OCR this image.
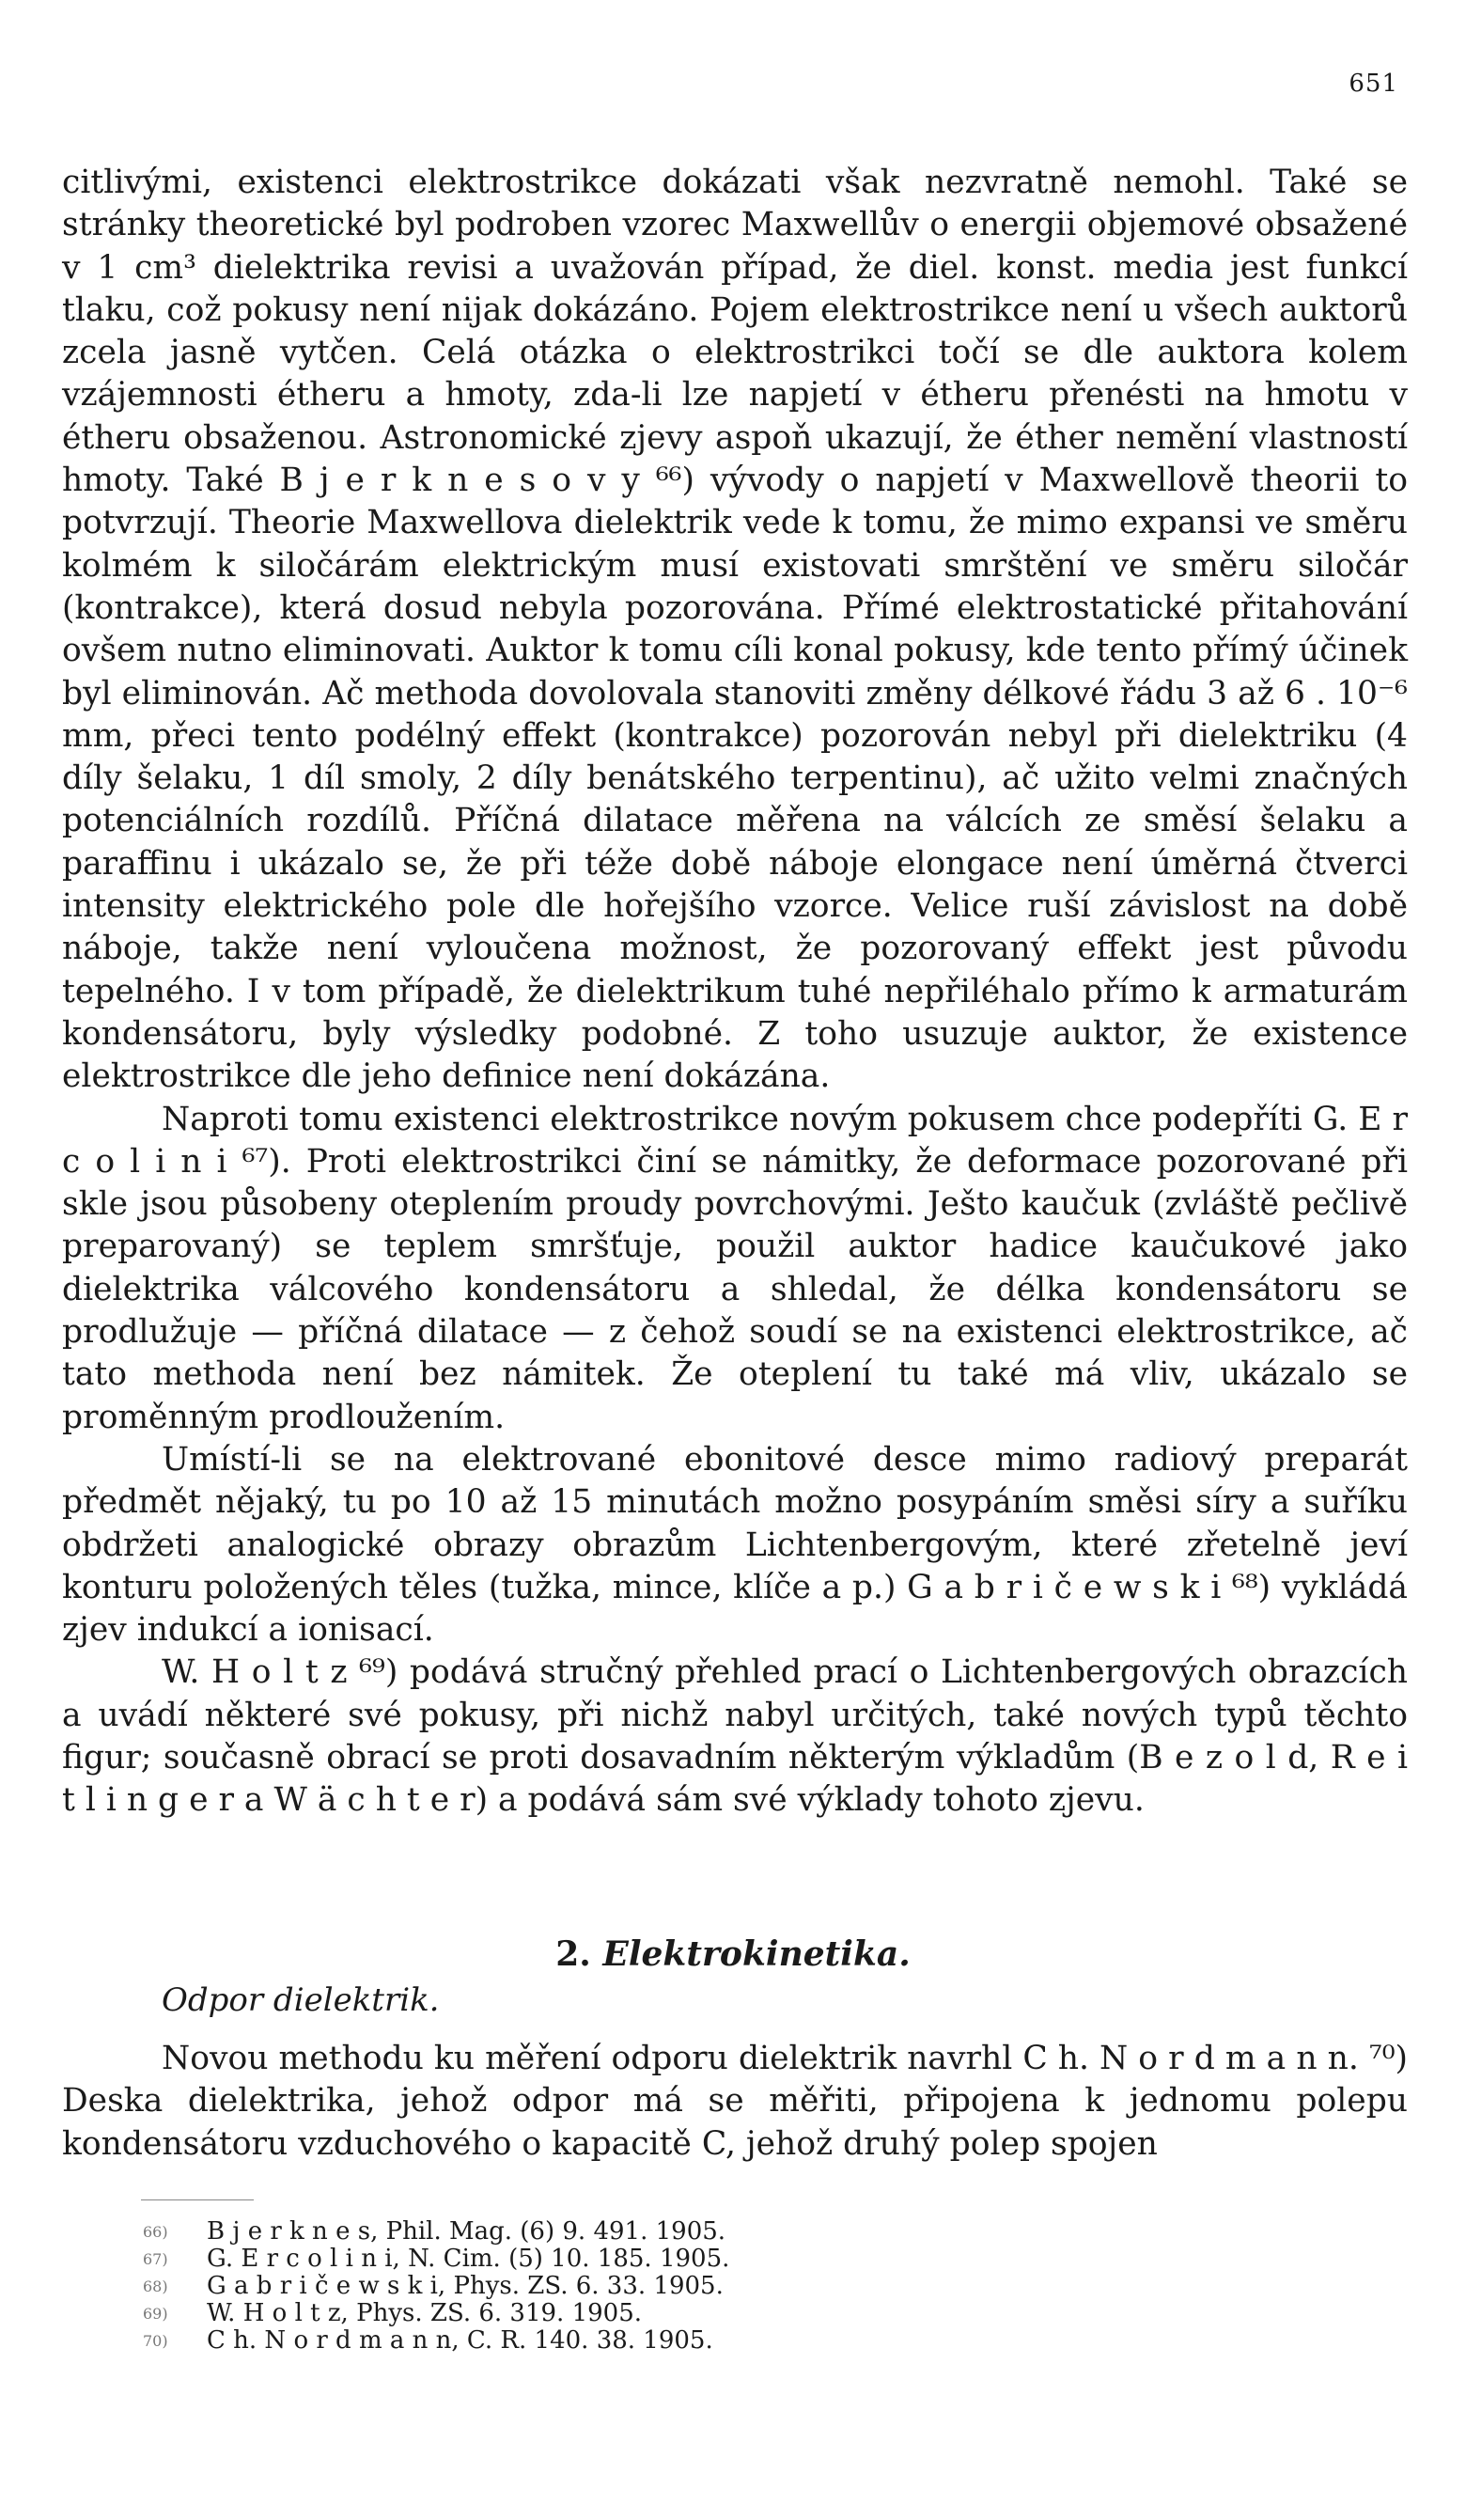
651

citlivými, existenci elektrostrikce dokázati však nezvratně nemohl. Také se stránky theoretické byl podroben vzorec Maxwellův o energii objemové obsažené v 1 cm³ dielektrika revisi a uvažován případ, že diel. konst. media jest funkcí tlaku, což pokusy není nijak dokázáno. Pojem elektrostrikce není u všech auktorů zcela jasně vytčen. Celá otázka o elektrostrikci točí se dle auktora kolem vzájemnosti étheru a hmoty, zda-li lze napjetí v étheru přenésti na hmotu v étheru obsaženou. Astronomické zjevy aspoň ukazují, že éther nemění vlastností hmoty. Také B j e r k n e s o v y ⁶⁶) vývody o napjetí v Maxwellově theorii to potvrzují. Theorie Maxwellova dielektrik vede k tomu, že mimo expansi ve směru kolmém k siločárám elektrickým musí existovati smrštění ve směru siločár (kontrakce), která dosud nebyla pozorována. Přímé elektrostatické přitahování ovšem nutno eliminovati. Auktor k tomu cíli konal pokusy, kde tento přímý účinek byl eliminován. Ač methoda dovolovala stanoviti změny délkové řádu 3 až 6 . 10⁻⁶ mm, přeci tento podélný effekt (kontrakce) pozorován nebyl při dielektriku (4 díly šelaku, 1 díl smoly, 2 díly benátského terpentinu), ač užito velmi značných potenciálních rozdílů. Příčná dilatace měřena na válcích ze směsí šelaku a paraffinu i ukázalo se, že při téže době náboje elongace není úměrná čtverci intensity elektrického pole dle hořejšího vzorce. Velice ruší závislost na době náboje, takže není vyloučena možnost, že pozorovaný effekt jest původu tepelného. I v tom případě, že dielektrikum tuhé nepřiléhalo přímo k armaturám kondensátoru, byly výsledky podobné. Z toho usuzuje auktor, že existence elektrostrikce dle jeho definice není dokázána.

Naproti tomu existenci elektrostrikce novým pokusem chce podepříti G. E r c o l i n i ⁶⁷). Proti elektrostrikci činí se námitky, že deformace pozorované při skle jsou působeny oteplením proudy povrchovými. Ješto kaučuk (zvláště pečlivě preparovaný) se teplem smršťuje, použil auktor hadice kaučukové jako dielektrika válcového kondensátoru a shledal, že délka kondensátoru se prodlužuje — příčná dilatace — z čehož soudí se na existenci elektrostrikce, ač tato methoda není bez námitek. Že oteplení tu také má vliv, ukázalo se proměnným prodloužením.

Umístí-li se na elektrované ebonitové desce mimo radiový preparát předmět nějaký, tu po 10 až 15 minutách možno posypáním směsi síry a suříku obdržeti analogické obrazy obrazům Lichtenbergovým, které zřetelně jeví konturu položených těles (tužka, mince, klíče a p.) G a b r i č e w s k i ⁶⁸) vykládá zjev indukcí a ionisací.

W. H o l t z ⁶⁹) podává stručný přehled prací o Lichtenbergových obrazcích a uvádí některé své pokusy, při nichž nabyl určitých, také nových typů těchto figur; současně obrací se proti dosavadním některým výkladům (B e z o l d, R e i t l i n g e r a W ä c h t e r) a podává sám své výklady tohoto zjevu.

2. Elektrokinetika.

Odpor dielektrik.

Novou methodu ku měření odporu dielektrik navrhl C h. N o r d m a n n. ⁷⁰) Deska dielektrika, jehož odpor má se měřiti, připojena k jednomu polepu kondensátoru vzduchového o kapacitě C, jehož druhý polep spojen

66) B j e r k n e s, Phil. Mag. (6) 9. 491. 1905.
67) G. E r c o l i n i, N. Cim. (5) 10. 185. 1905.
68) G a b r i č e w s k i, Phys. ZS. 6. 33. 1905.
69) W. H o l t z, Phys. ZS. 6. 319. 1905.
70) C h. N o r d m a n n, C. R. 140. 38. 1905.
